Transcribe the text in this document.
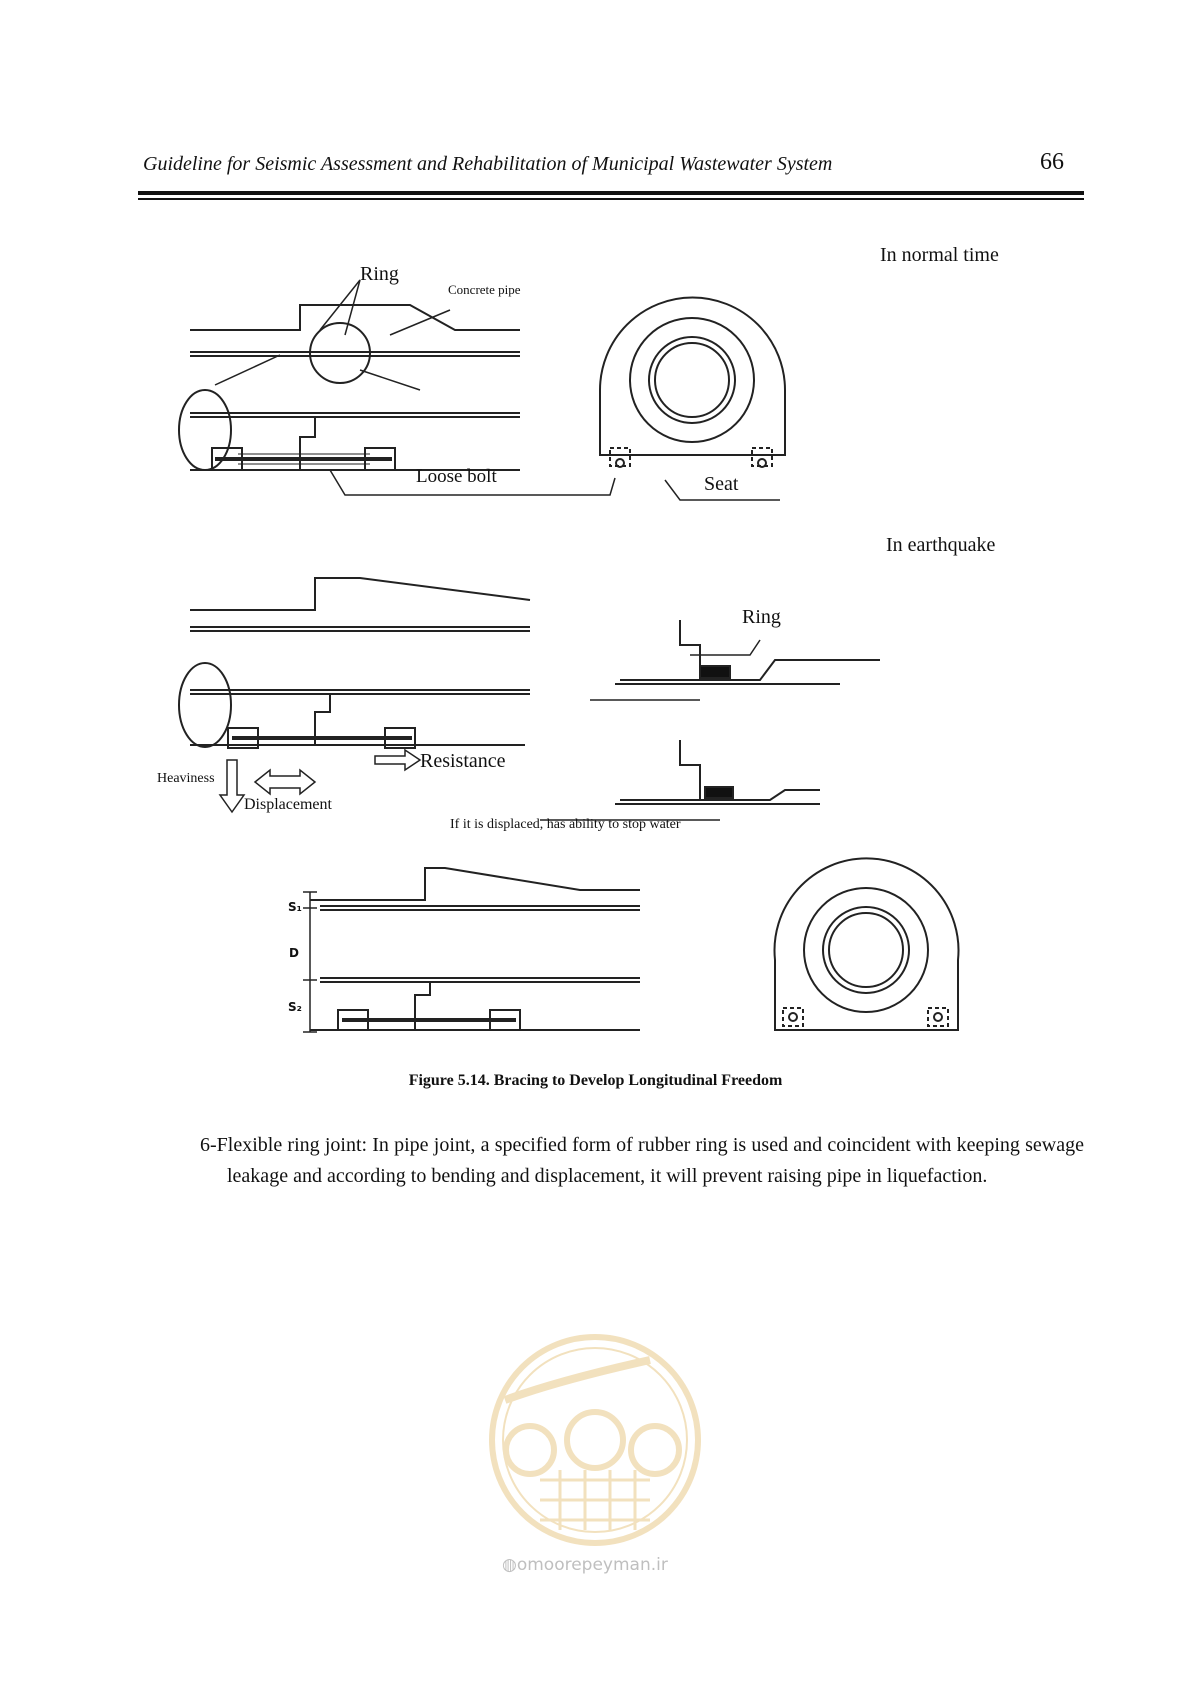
Guideline for Seismic Assessment and Rehabilitation of Municipal Wastewater System	66
In normal time
Ring
Concrete pipe
Loose bolt	Seat
In earthquake
Ring
Resistance
Heaviness
Displacement
If it is displaced, has ability to stop water
S₁
D
S₂
Figure 5.14. Bracing to Develop Longitudinal Freedom
6-Flexible ring joint: In pipe joint, a specified form of rubber ring is used and coincident with keeping sewage leakage and according to bending and displacement, it will prevent raising pipe in liquefaction.
◍omoorepeyman.ir
